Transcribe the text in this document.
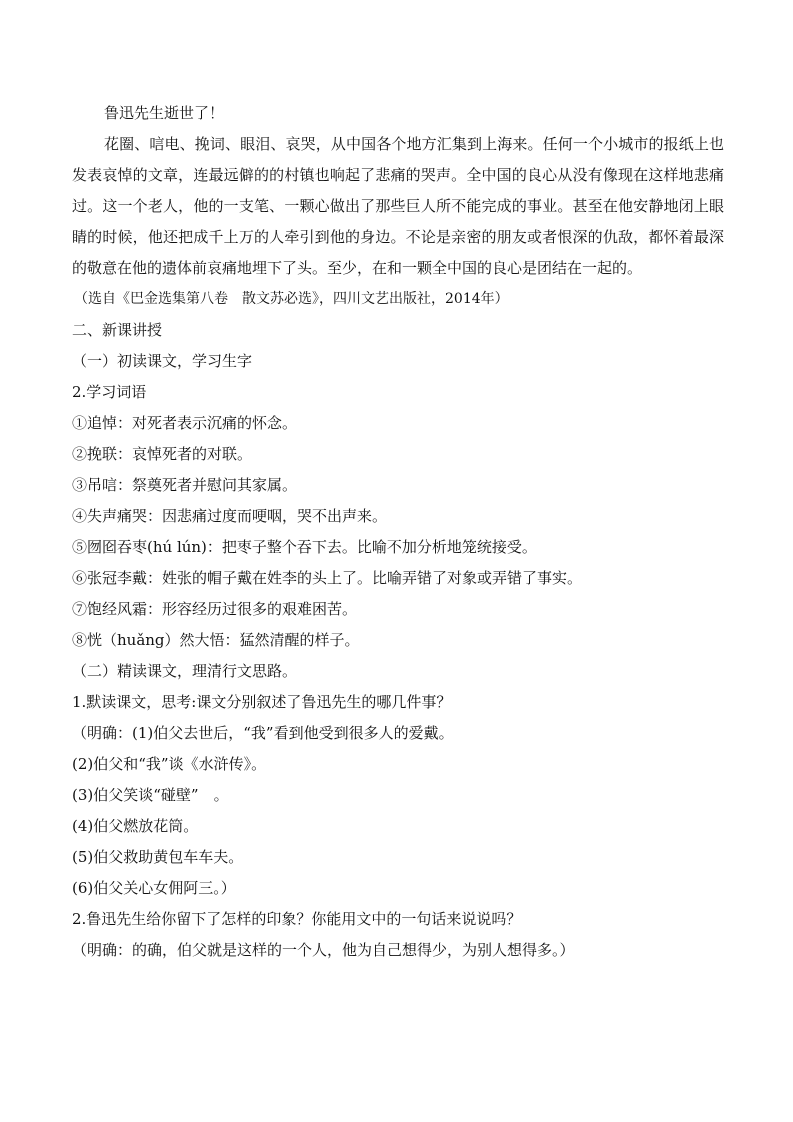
鲁迅先生逝世了！

花圈、唁电、挽词、眼泪、哀哭，从中国各个地方汇集到上海来。任何一个小城市的报纸上也发表哀悼的文章，连最远僻的的村镇也响起了悲痛的哭声。全中国的良心从没有像现在这样地悲痛过。这一个老人，他的一支笔、一颗心做出了那些巨人所不能完成的事业。甚至在他安静地闭上眼睛的时候，他还把成千上万的人牵引到他的身边。不论是亲密的朋友或者恨深的仇敌，都怀着最深的敬意在他的遗体前哀痛地埋下了头。至少，在和一颗全中国的良心是团结在一起的。

（选自《巴金选集第八卷　散文苏必选》，四川文艺出版社，2014年）

二、新课讲授

（一）初读课文，学习生字

2.学习词语

①追悼：对死者表示沉痛的怀念。

②挽联：哀悼死者的对联。

③吊唁：祭奠死者并慰问其家属。

④失声痛哭：因悲痛过度而哽咽，哭不出声来。

⑤囫囵吞枣(hú lún)：把枣子整个吞下去。比喻不加分析地笼统接受。

⑥张冠李戴：姓张的帽子戴在姓李的头上了。比喻弄错了对象或弄错了事实。

⑦饱经风霜：形容经历过很多的艰难困苦。

⑧恍（huǎng）然大悟：猛然清醒的样子。

（二）精读课文，理清行文思路。

1.默读课文，思考:课文分别叙述了鲁迅先生的哪几件事？

（明确：(1)伯父去世后，“我”看到他受到很多人的爱戴。

(2)伯父和“我”谈《水浒传》。

(3)伯父笑谈“碰壁”　。

(4)伯父燃放花筒。

(5)伯父救助黄包车车夫。

(6)伯父关心女佣阿三。）

2.鲁迅先生给你留下了怎样的印象？你能用文中的一句话来说说吗？

（明确：的确，伯父就是这样的一个人，他为自己想得少，为别人想得多。）
